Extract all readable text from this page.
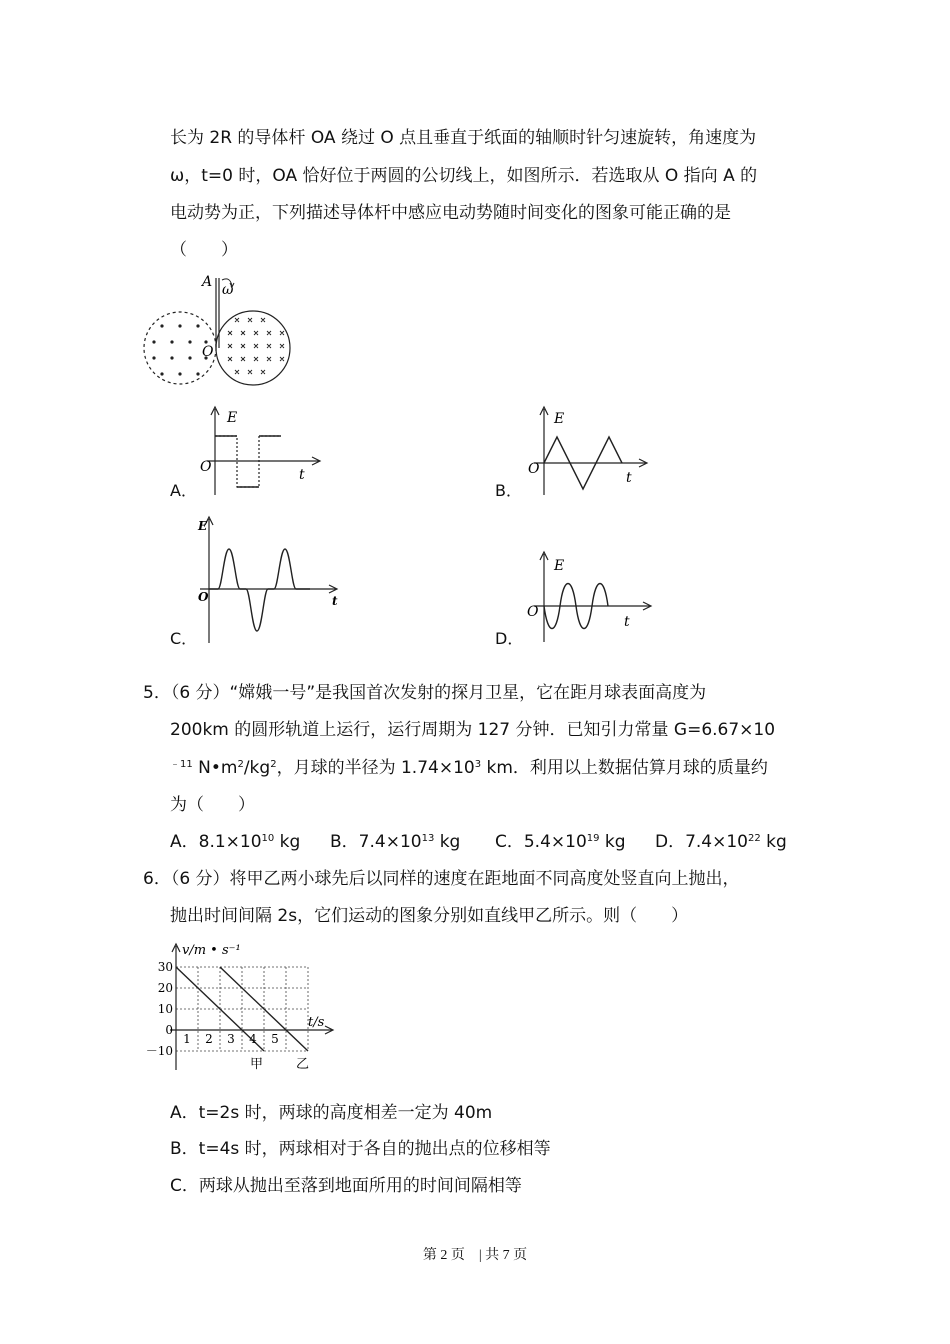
长为 2R 的导体杆 OA 绕过 O 点且垂直于纸面的轴顺时针匀速旋转，角速度为
ω，t=0 时，OA 恰好位于两圆的公切线上，如图所示．若选取从 O 指向 A 的
电动势为正，下列描述导体杆中感应电动势随时间变化的图象可能正确的是
（　　）
A ω
O
E
O	t
A．
E
O
t
B．
E
O	t
C．
E
O
t
D．
5．（6 分）“嫦娥一号”是我国首次发射的探月卫星，它在距月球表面高度为
200km 的圆形轨道上运行，运行周期为 127 分钟．已知引力常量 G=6.67×10
$^{﹣11}$ $N•m^2/kg^2$，月球的半径为 $1.74\times 10^3$ km．利用以上数据估算月球的质量约
为（　　）
A．$8.1\times 10^{10}$ kg B．$7.4\times 10^{13}$ kg C．$5.4\times 10^{19}$ kg D．$7.4\times 10^{22}$ kg
6．（6 分）将甲乙两小球先后以同样的速度在距地面不同高度处竖直向上抛出，
抛出时间间隔 2s，它们运动的图象分别如直线甲乙所示。则（　　）
30
20
10
0
－10
1 2 3 4 5
v/m • s⁻¹
t/s
甲	乙
A．t=2s 时，两球的高度相差一定为 40m
B．t=4s 时，两球相对于各自的抛出点的位移相等
C．两球从抛出至落到地面所用的时间间隔相等
第 2 页　| 共 7 页
